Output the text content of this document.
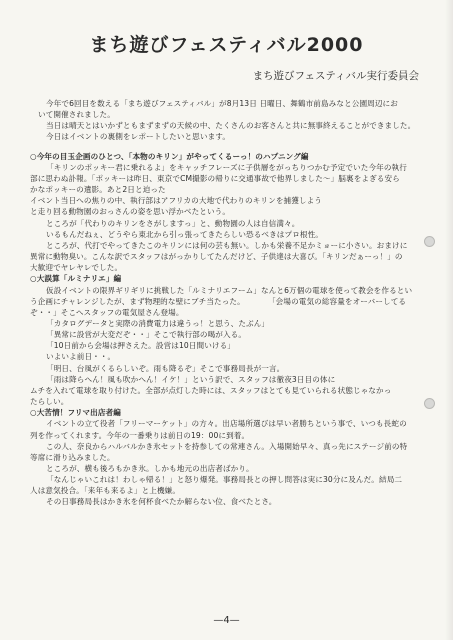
まち遊びフェスティバル2000
まち遊びフェスティバル実行委員会

今年で6回目を数える「まち遊びフェスティバル」が8月13日 日曜日、舞鶴市前島みなと公園周辺にお

いて開催されました。

当日は晴天とはいかずともまずまずの天候の中、たくさんのお客さんと共に無事終えることができました。

今日はイベントの裏側をレポートしたいと思います。

○今年の目玉企画のひとつ、「本物のキリン」がやってくるーっ！のハプニング編

「キリンのポッキー君に乗れるよ」をキャッチフレーズに子供層をがっちりつかむ予定でいた今年の執行

部に思わぬ訃報。「ポッキーは昨日、東京でCM撮影の帰りに交通事故で他界しました～」脳裏をよぎる安ら

かなポッキーの遺影。あと2日と迫った

イベント当日への焦りの中、執行部はアフリカの大地で代わりのキリンを捕獲しよう

と走り回る動物園のおっさんの姿を思い浮かべたという。

ところが「代わりのキリンをさがしますっ」と、動物園の人は自信満々。

いるもんだねぇ、どうやら東北から引っ張ってきたらしい恐るべきはプロ根性。

ところが、代打でやってきたこのキリンには何の芸も無い。しかも栄養不足かミョーに小さい。おまけに

異常に動物臭い。こんな訳でスタッフはがっかりしてたんだけど、子供達は大喜び。「キリンだぁーっ！」の

大歓迎でヤレヤレでした。

○大誤算「ルミナリエ」編

仮設イベントの限界ギリギリに挑戦した「ルミナリエフーム」なんと6万個の電球を使って教会を作るとい

う企画にチャレンジしたが、まず物理的な壁にブチ当たった。　　　　「会場の電気の総容量をオーバーしてる

ぞ・・」そこへスタッフの電気屋さん登場。

「カタログデータと実際の消費電力は違うっ！と思う、たぶん」

「異常に設営が大変だぞ・・」そこで執行部の喝が入る。

「10日前から会場は押さえた。設営は10日間いける」

いよいよ前日・・。

「明日、台風がくるらしいぞ。雨も降るぞ」そこで事務局長が一言。

「雨は降らへん！風も吹かへん！イケ！」という訳で、スタッフは徹夜3日目の体に

ムチを入れて電球を取り付けた。全部が点灯した時には、スタッフはとても見ていられる状態じゃなかっ

たらしい。

○大苦情！フリマ出店者編

イベントの立て役者「フリーマーケット」の方々。出店場所選びは早い者勝ちという事で、いつも長蛇の

列を作ってくれます。今年の一番乗りは前日の19：00に到着。

この人、奈良からハルバルかき氷セットを持参しての常連さん。入場開始早々、真っ先にステージ前の特

等席に滑り込みました。

ところが、横も後ろもかき氷。しかも地元の出店者ばかり。

「なんじゃいこれは！わしゃ帰る！」と怒り爆発。事務局長との押し問答は実に30分に及んだ。結局二

人は意気投合。「来年も来るよ」と上機嫌。

その日事務局長はかき氷を何杯食べたか解らない位、食べたとさ。

—4—
